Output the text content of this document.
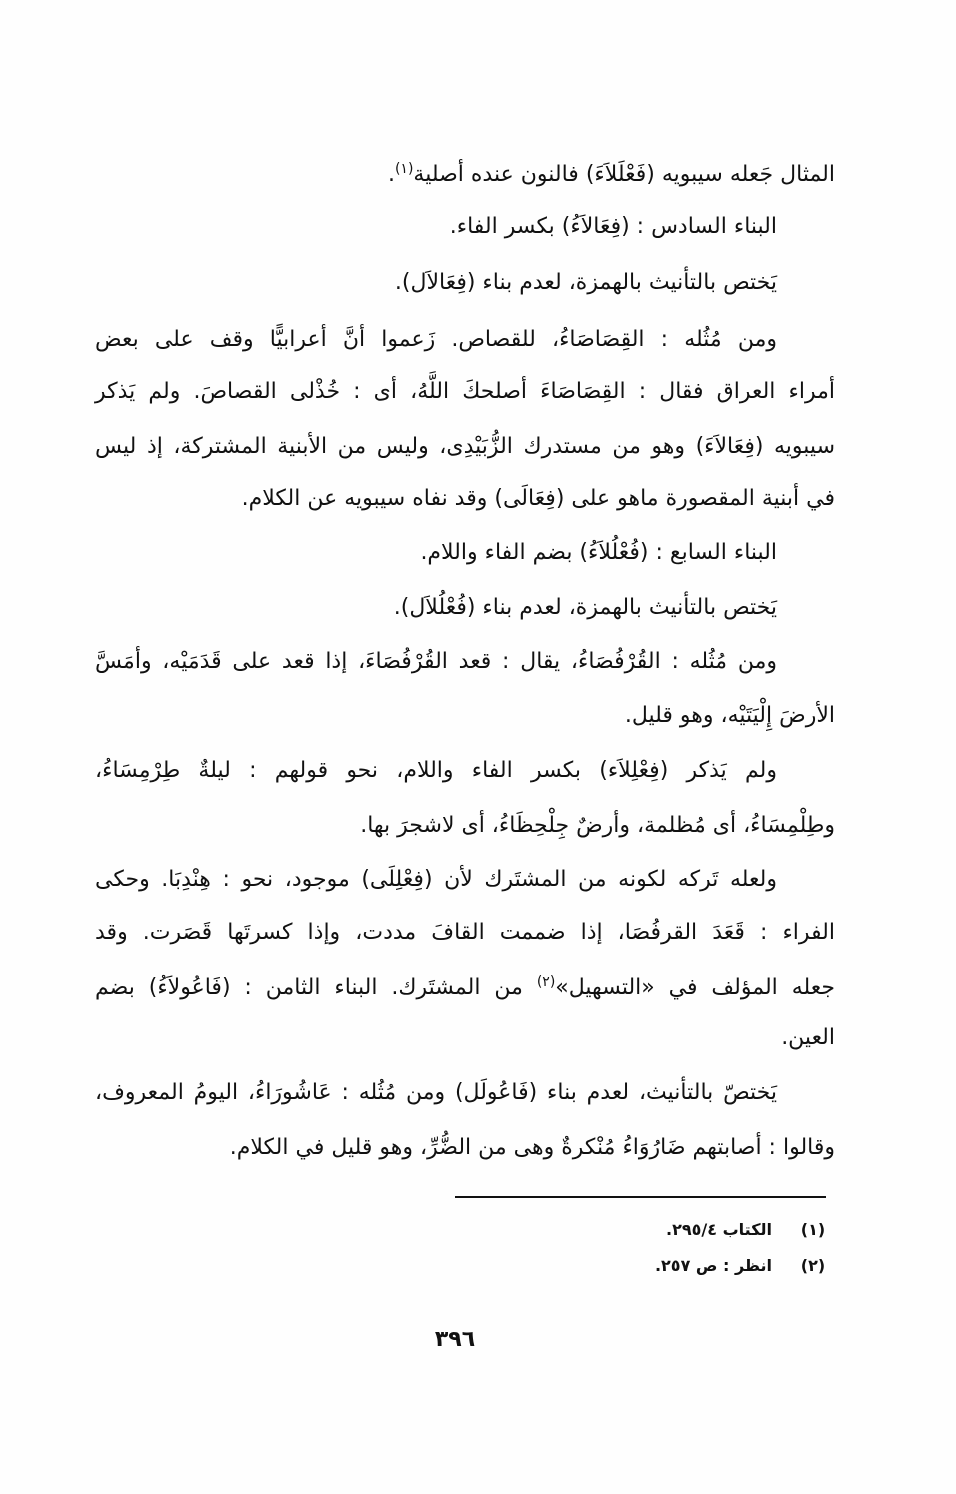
المثال جَعله سيبويه (فَعْلَلاَءَ) فالنون عنده أصلية$^{(١)}$.
البناء السادس : (فِعَالاَءُ) بكسر الفاء.
يَختص بالتأنيث بالهمزة، لعدم بناء (فِعَالاَل).
ومن مُثُله : القِصَاصَاءُ، للقصاص. زَعموا أنَّ أعرابيًّا وقف على بعض
أمراء العراق فقال : القِصَاصَاءَ أصلحكَ اللَّهُ، أى : خُذْلى القصاصَ. ولم يَذكر
سيبويه (فِعَالاَءَ) وهو من مستدرك الزُّبَيْدِى، وليس من الأبنية المشتركة، إذ ليس
في أبنية المقصورة ماهو على (فِعَالَى) وقد نفاه سيبويه عن الكلام.
البناء السابع : (فُعْلُلاَءُ) بضم الفاء واللام.
يَختص بالتأنيث بالهمزة، لعدم بناء (فُعْلُلاَل).
ومن مُثُله : القُرْفُصَاءُ، يقال : قعد القُرْفُصَاءَ، إذا قعد على قَدَمَيْه، وأمَسَّ
الأرضَ إِلْيَتَيْه، وهو قليل.
ولم يَذكر (فِعْلِلاَء) بكسر الفاء واللام، نحو قولهم : ليلةٌ طِرْمِسَاءُ،
وطِلْمِسَاءُ، أى مُظلمة، وأرضٌ جِلْحِظَاءُ، أى لاشجرَ بها.
ولعله تَركه لكونه من المشتَرك لأن (فِعْلِلَى) موجود، نحو : هِنْدِبَا. وحكى
الفراء : قَعَدَ القرفُصَا، إذا ضممت القافَ مددت، وإذا كسرتَها قَصَرت. وقد
جعله المؤلف في «التسهيل»$^{(٢)}$ من المشتَرك. البناء الثامن : (فَاعُولاَءُ) بضم
العين.
يَختصّ بالتأنيث، لعدم بناء (فَاعُولَل) ومن مُثُله : عَاشُورَاءُ، اليومُ المعروف،
وقالوا : أصابتهم ضَارُوَاءُ مُنْكرةٌ وهى من الضُّرِّ، وهو قليل في الكلام.
(١)
الكتاب ٢٩٥/٤.
(٢)
انظر : ص ٢٥٧.
٣٩٦
